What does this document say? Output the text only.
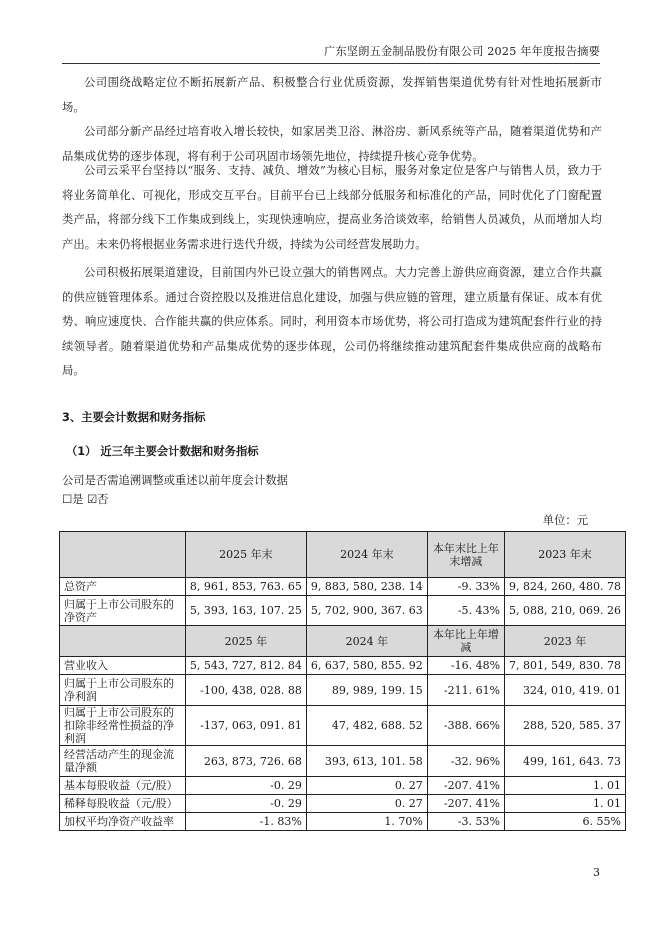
广东坚朗五金制品股份有限公司 2025 年年度报告摘要

公司围绕战略定位不断拓展新产品、积极整合行业优质资源，发挥销售渠道优势有针对性地拓展新市场。

公司部分新产品经过培育收入增长较快，如家居类卫浴、淋浴房、新风系统等产品，随着渠道优势和产品集成优势的逐步体现，将有利于公司巩固市场领先地位，持续提升核心竞争优势。

公司云采平台坚持以“服务、支持、减负、增效”为核心目标，服务对象定位是客户与销售人员，致力于将业务简单化、可视化，形成交互平台。目前平台已上线部分低服务和标准化的产品，同时优化了门窗配置类产品，将部分线下工作集成到线上，实现快速响应，提高业务洽谈效率，给销售人员减负，从而增加人均产出。未来仍将根据业务需求进行迭代升级，持续为公司经营发展助力。

公司积极拓展渠道建设，目前国内外已设立强大的销售网点。大力完善上游供应商资源，建立合作共赢的供应链管理体系。通过合资控股以及推进信息化建设，加强与供应链的管理，建立质量有保证、成本有优势、响应速度快、合作能共赢的供应体系。同时，利用资本市场优势，将公司打造成为建筑配套件行业的持续领导者。随着渠道优势和产品集成优势的逐步体现，公司仍将继续推动建筑配套件集成供应商的战略布局。

3、主要会计数据和财务指标
（1） 近三年主要会计数据和财务指标
公司是否需追溯调整或重述以前年度会计数据
☐是 ☑否
单位：元
	2025 年末	2024 年末	本年末比上年末增减	2023 年末
总资产	8, 961, 853, 763. 65	9, 883, 580, 238. 14	-9. 33%	9, 824, 260, 480. 78
归属于上市公司股东的净资产	5, 393, 163, 107. 25	5, 702, 900, 367. 63	-5. 43%	5, 088, 210, 069. 26
	2025 年	2024 年	本年比上年增减	2023 年
营业收入	5, 543, 727, 812. 84	6, 637, 580, 855. 92	-16. 48%	7, 801, 549, 830. 78
归属于上市公司股东的净利润	-100, 438, 028. 88	89, 989, 199. 15	-211. 61%	324, 010, 419. 01
归属于上市公司股东的扣除非经常性损益的净利润	-137, 063, 091. 81	47, 482, 688. 52	-388. 66%	288, 520, 585. 37
经营活动产生的现金流量净额	263, 873, 726. 68	393, 613, 101. 58	-32. 96%	499, 161, 643. 73
基本每股收益（元/股）	-0. 29	0. 27	-207. 41%	1. 01
稀释每股收益（元/股）	-0. 29	0. 27	-207. 41%	1. 01
加权平均净资产收益率	-1. 83%	1. 70%	-3. 53%	6. 55%
3
